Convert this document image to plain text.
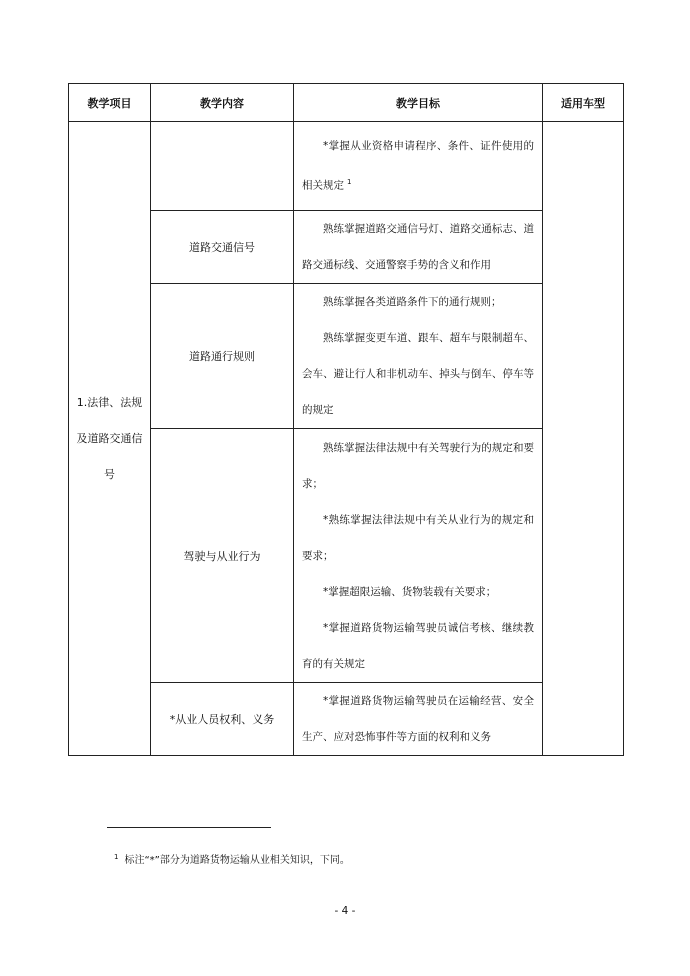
教学项目	教学内容	教学目标	适用车型

1.法律、法规
及道路交通信
号		*掌握从业资格申请程序、条件、证件使用的相关规定 $^1$

	道路交通信号	熟练掌握道路交通信号灯、道路交通标志、道路交通标线、交通警察手势的含义和作用	

	道路通行规则	熟练掌握各类道路条件下的通行规则；

熟练掌握变更车道、跟车、超车与限制超车、会车、避让行人和非机动车、掉头与倒车、停车等的规定	

	驾驶与从业行为	熟练掌握法律法规中有关驾驶行为的规定和要求；

*熟练掌握法律法规中有关从业行为的规定和要求；

*掌握超限运输、货物装载有关要求；

*掌握道路货物运输驾驶员诚信考核、继续教育的有关规定	

	*从业人员权利、义务	*掌握道路货物运输驾驶员在运输经营、安全生产、应对恐怖事件等方面的权利和义务	

$^1$ 标注“*”部分为道路货物运输从业相关知识，下同。
- 4 -
